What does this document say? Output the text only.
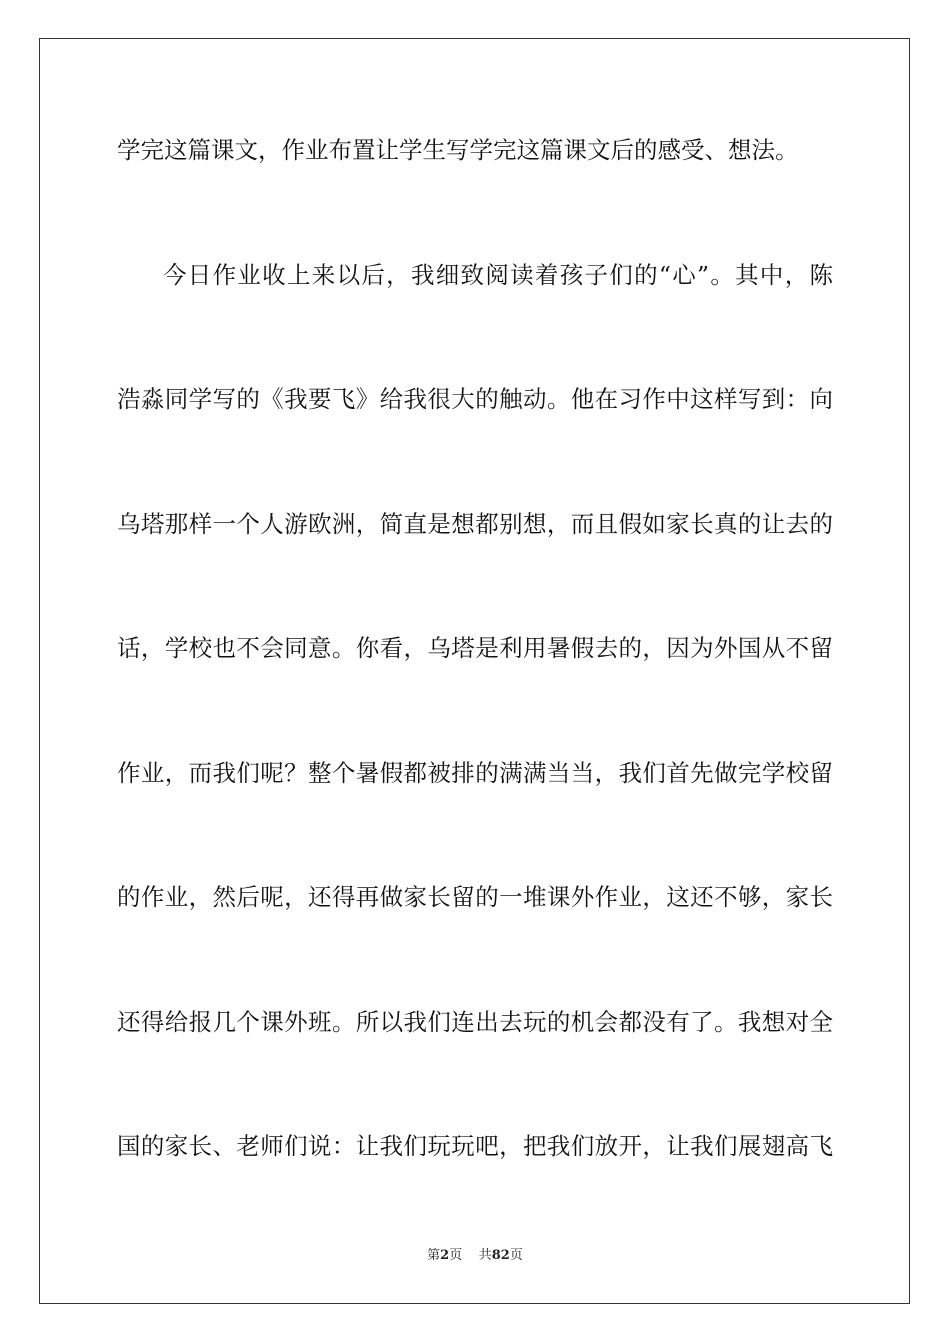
学完这篇课文，作业布置让学生写学完这篇课文后的感受、想法。
今日作业收上来以后，我细致阅读着孩子们的“心”。其中，陈
浩淼同学写的《我要飞》给我很大的触动。他在习作中这样写到：向
乌塔那样一个人游欧洲，简直是想都别想，而且假如家长真的让去的
话，学校也不会同意。你看，乌塔是利用暑假去的，因为外国从不留
作业，而我们呢？整个暑假都被排的满满当当，我们首先做完学校留
的作业，然后呢，还得再做家长留的一堆课外作业，这还不够，家长
还得给报几个课外班。所以我们连出去玩的机会都没有了。我想对全
国的家长、老师们说：让我们玩玩吧，把我们放开，让我们展翅高飞
第2页 共82页
